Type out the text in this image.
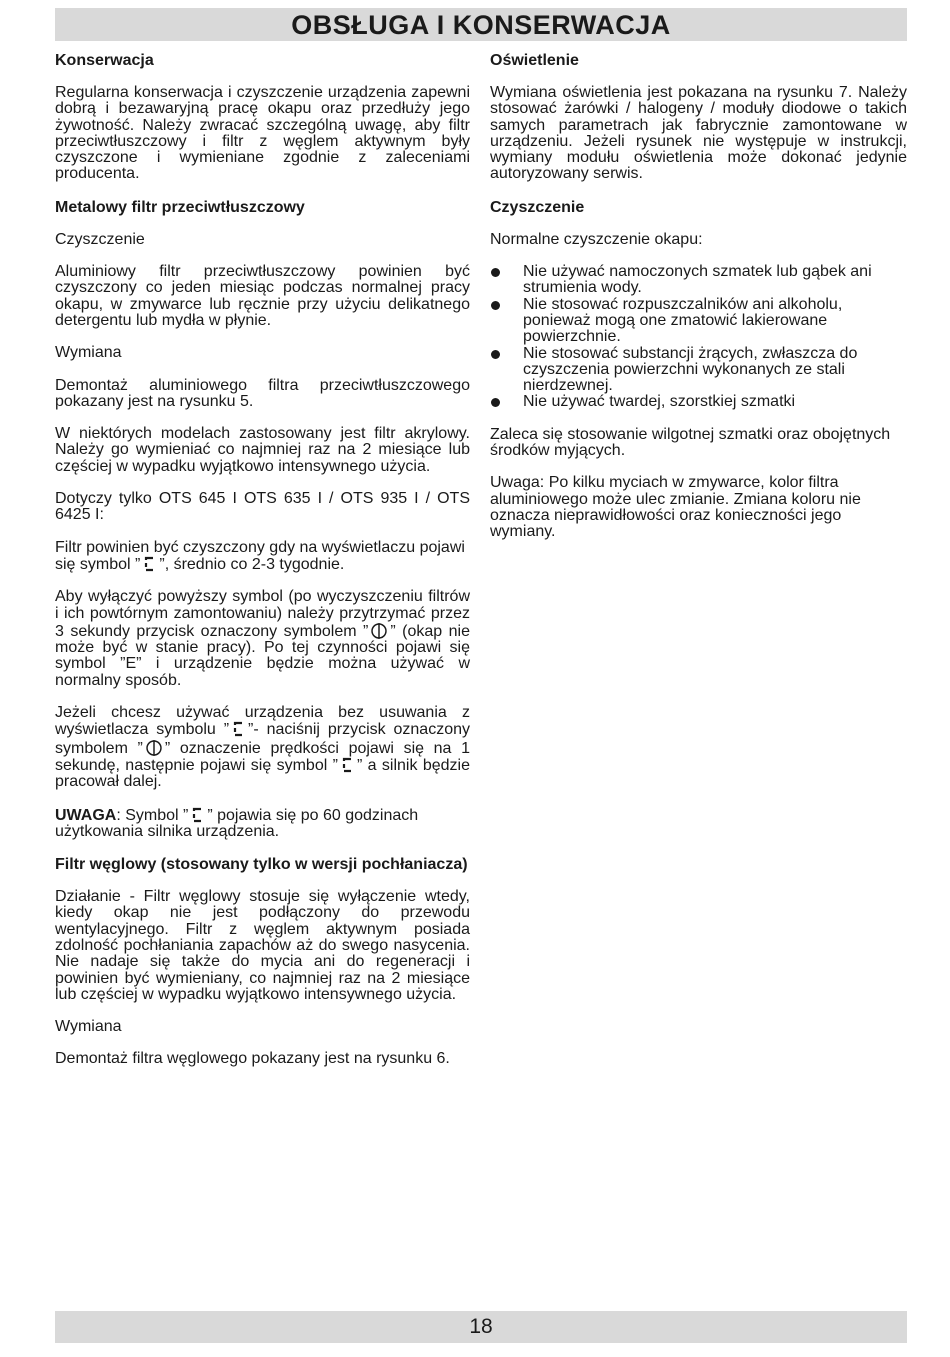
OBSŁUGA I KONSERWACJA
Konserwacja

Regularna konserwacja i czyszczenie urządzenia zapewni dobrą i bezawaryjną pracę okapu oraz przedłuży jego żywotność. Należy zwracać szczególną uwagę, aby filtr przeciwtłuszczowy i filtr z węglem aktywnym były czyszczone i wymieniane zgodnie z zaleceniami producenta.

Metalowy filtr przeciwtłuszczowy
Czyszczenie

Aluminiowy filtr przeciwtłuszczowy powinien być czyszczony co jeden miesiąc podczas normalnej pracy okapu, w zmywarce lub ręcznie przy użyciu delikatnego detergentu lub mydła w płynie.

Wymiana

Demontaż aluminiowego filtra przeciwtłuszczowego pokazany jest na rysunku 5.

W niektórych modelach zastosowany jest filtr akrylowy. Należy go wymieniać co najmniej raz na 2 miesiące lub częściej w wypadku wyjątkowo intensywnego użycia.

Dotyczy tylko OTS 645 I OTS 635 I / OTS 935 I / OTS 6425 I:

Filtr powinien być czyszczony gdy na wyświetlaczu pojawi się symbol ” ”, średnio co 2-3 tygodnie.

Aby wyłączyć powyższy symbol (po wyczyszczeniu filtrów i ich powtórnym zamontowaniu) należy przytrzymać przez 3 sekundy przycisk oznaczony symbolem ” ” (okap nie może być w stanie pracy). Po tej czynności pojawi się symbol ”E” i urządzenie będzie można używać w normalny sposób.

Jeżeli chcesz używać urządzenia bez usuwania z wyświetlacza symbolu ” ”- naciśnij przycisk oznaczony symbolem ” ” oznaczenie prędkości pojawi się na 1 sekundę, następnie pojawi się symbol ” ” a silnik będzie pracował dalej.

UWAGA: Symbol ” ” pojawia się po 60 godzinach użytkowania silnika urządzenia.

Filtr węglowy (stosowany tylko w wersji pochłaniacza)

Działanie - Filtr węglowy stosuje się wyłączenie wtedy, kiedy okap nie jest podłączony do przewodu wentylacyjnego. Filtr z węglem aktywnym posiada zdolność pochłaniania zapachów aż do swego nasycenia. Nie nadaje się także do mycia ani do regeneracji i powinien być wymieniany, co najmniej raz na 2 miesiące lub częściej w wypadku wyjątkowo intensywnego użycia.

Wymiana

Demontaż filtra węglowego pokazany jest na rysunku 6.

Oświetlenie

Wymiana oświetlenia jest pokazana na rysunku 7. Należy stosować żarówki / halogeny / moduły diodowe o takich samych parametrach jak fabrycznie zamontowane w urządzeniu. Jeżeli rysunek nie występuje w instrukcji, wymiany modułu oświetlenia może dokonać jedynie autoryzowany serwis.

Czyszczenie
Normalne czyszczenie okapu:
Nie używać namoczonych szmatek lub gąbek ani strumienia wody.
Nie stosować rozpuszczalników ani alkoholu, ponieważ mogą one zmatowić lakierowane powierzchnie.
Nie stosować substancji żrących, zwłaszcza do czyszczenia powierzchni wykonanych ze stali nierdzewnej.
Nie używać twardej, szorstkiej szmatki

Zaleca się stosowanie wilgotnej szmatki oraz obojętnych środków myjących.

Uwaga: Po kilku myciach w zmywarce, kolor filtra aluminiowego może ulec zmianie. Zmiana koloru nie oznacza nieprawidłowości oraz konieczności jego wymiany.

18
